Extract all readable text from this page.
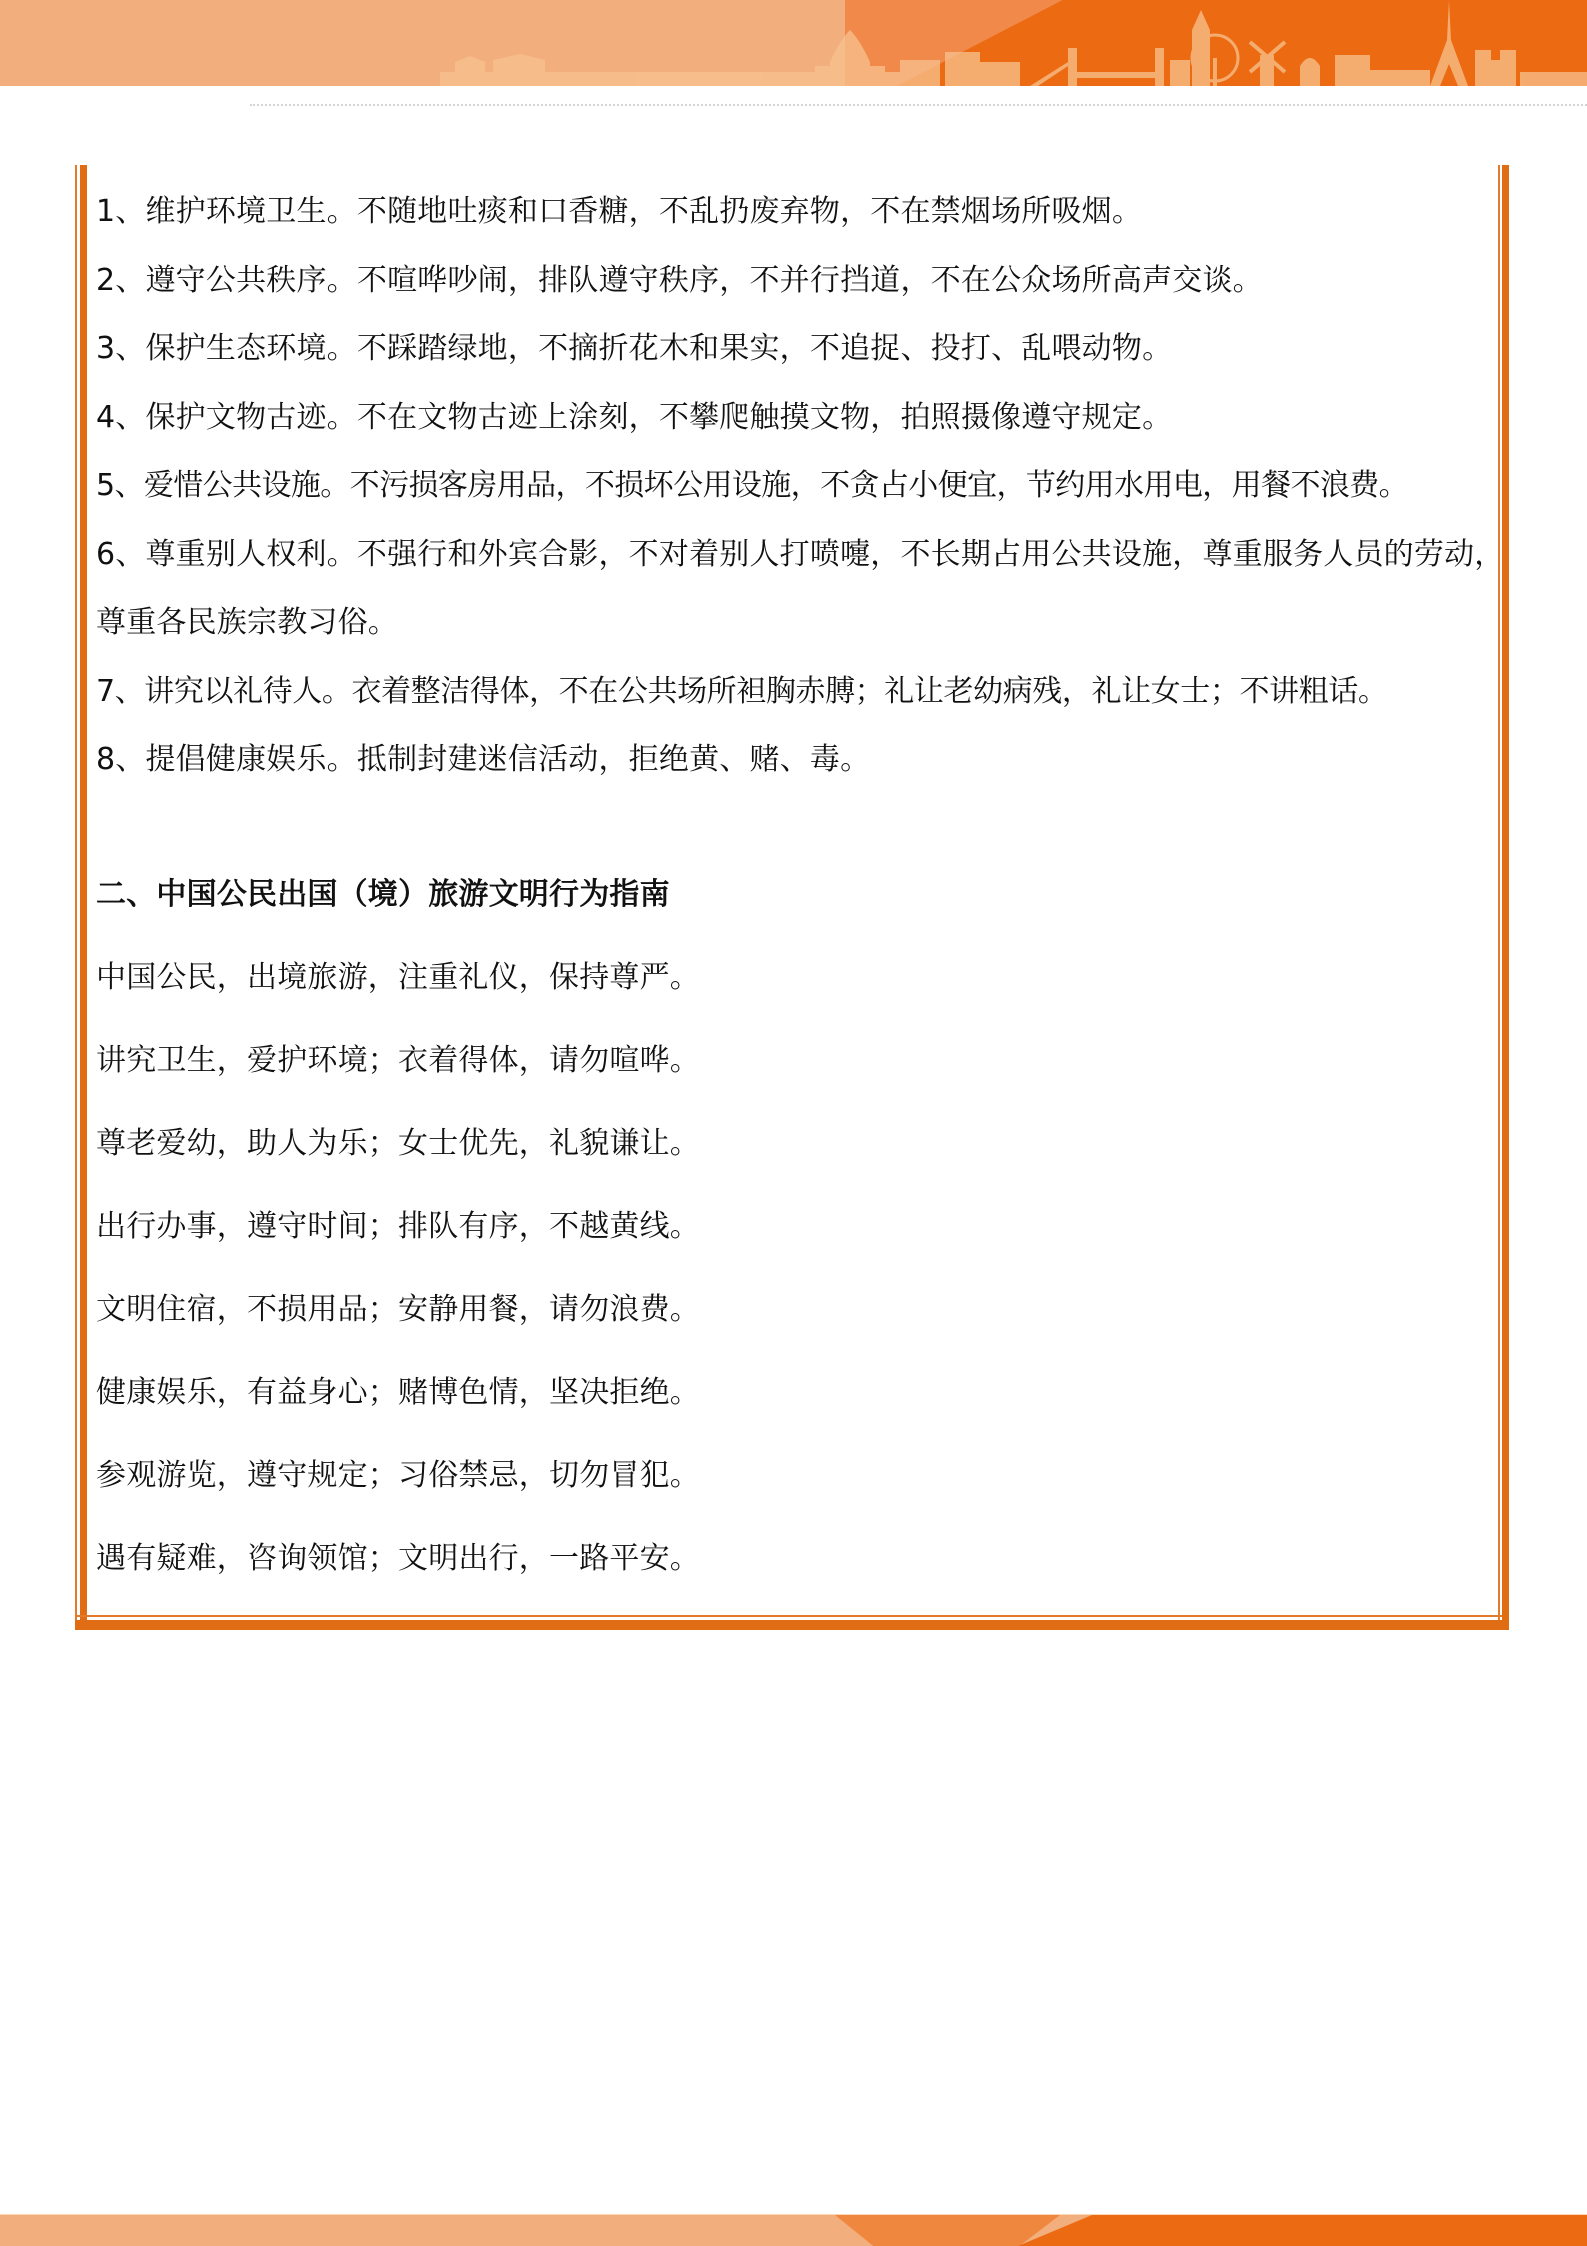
1、维护环境卫生。不随地吐痰和口香糖，不乱扔废弃物，不在禁烟场所吸烟。
2、遵守公共秩序。不喧哗吵闹，排队遵守秩序，不并行挡道，不在公众场所高声交谈。
3、保护生态环境。不踩踏绿地，不摘折花木和果实，不追捉、投打、乱喂动物。
4、保护文物古迹。不在文物古迹上涂刻，不攀爬触摸文物，拍照摄像遵守规定。
5、爱惜公共设施。不污损客房用品，不损坏公用设施，不贪占小便宜，节约用水用电，用餐不浪费。
6、尊重别人权利。不强行和外宾合影，不对着别人打喷嚏，不长期占用公共设施，尊重服务人员的劳动，尊重各民族宗教习俗。
7、讲究以礼待人。衣着整洁得体，不在公共场所袒胸赤膊；礼让老幼病残，礼让女士；不讲粗话。
8、提倡健康娱乐。抵制封建迷信活动，拒绝黄、赌、毒。
二、中国公民出国（境）旅游文明行为指南
中国公民，出境旅游，注重礼仪，保持尊严。
讲究卫生，爱护环境；衣着得体，请勿喧哗。
尊老爱幼，助人为乐；女士优先，礼貌谦让。
出行办事，遵守时间；排队有序，不越黄线。
文明住宿，不损用品；安静用餐，请勿浪费。
健康娱乐，有益身心；赌博色情，坚决拒绝。
参观游览，遵守规定；习俗禁忌，切勿冒犯。
遇有疑难，咨询领馆；文明出行，一路平安。
